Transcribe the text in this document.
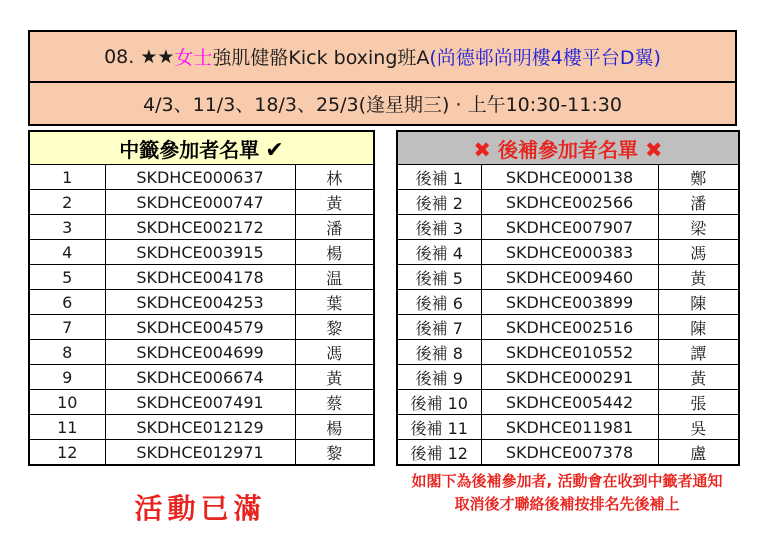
08. ★★ 女士 強肌健骼Kick boxing班A (尚德邨尚明樓4樓平台D翼)
4/3、11/3、18/3、25/3(逢星期三) · 上午10:30-11:30
中籤參加者名單 ✔		
1	SKDHCE000637	林
2	SKDHCE000747	黃
3	SKDHCE002172	潘
4	SKDHCE003915	楊
5	SKDHCE004178	温
6	SKDHCE004253	葉
7	SKDHCE004579	黎
8	SKDHCE004699	馮
9	SKDHCE006674	黃
10	SKDHCE007491	蔡
11	SKDHCE012129	楊
12	SKDHCE012971	黎
✖ 後補參加者名單 ✖		
後補 1	SKDHCE000138	鄭
後補 2	SKDHCE002566	潘
後補 3	SKDHCE007907	梁
後補 4	SKDHCE000383	馮
後補 5	SKDHCE009460	黃
後補 6	SKDHCE003899	陳
後補 7	SKDHCE002516	陳
後補 8	SKDHCE010552	譚
後補 9	SKDHCE000291	黃
後補 10	SKDHCE005442	張
後補 11	SKDHCE011981	吳
後補 12	SKDHCE007378	盧
活動已滿
如閣下為後補參加者, 活動會在收到中籤者通知
取消後才聯絡後補按排名先後補上
